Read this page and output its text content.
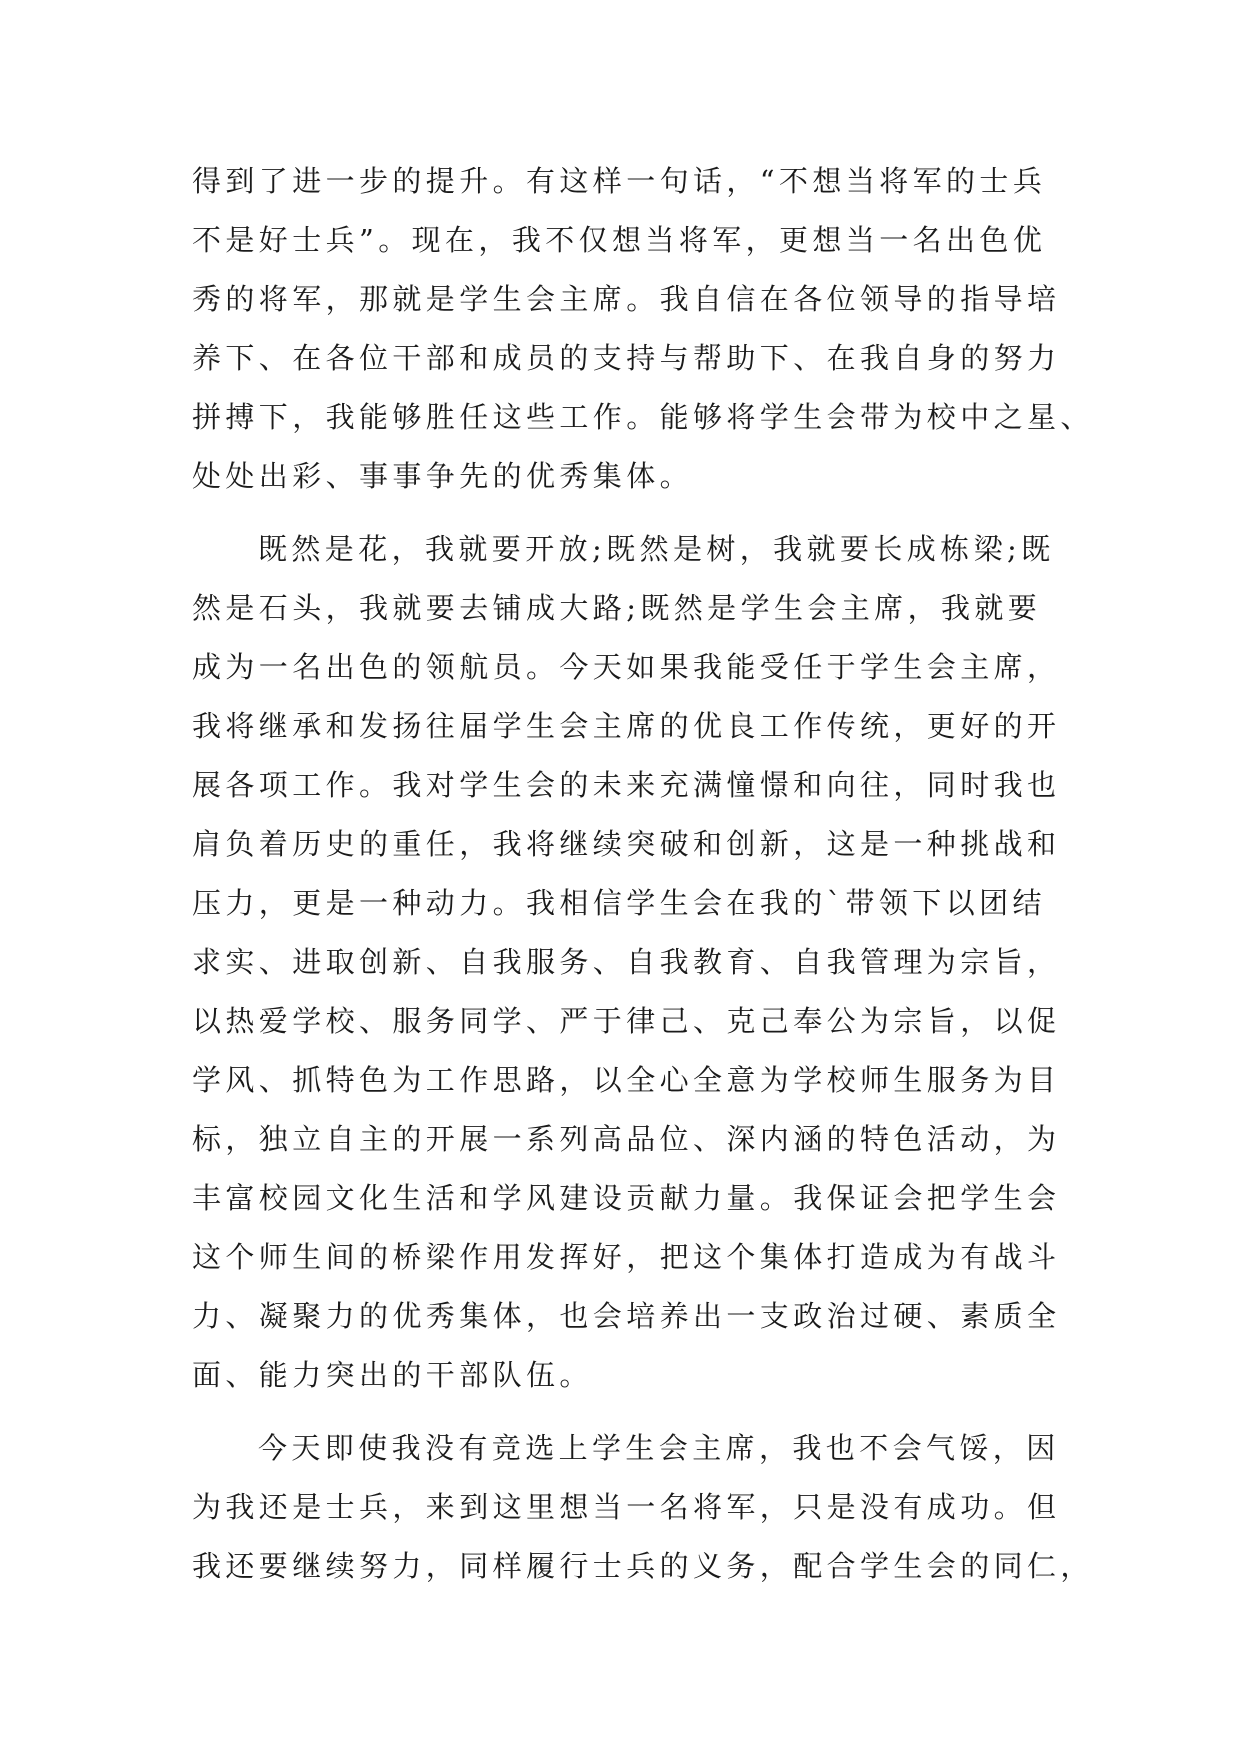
得到了进一步的提升。有这样一句话，“不想当将军的士兵
不是好士兵”。现在，我不仅想当将军，更想当一名出色优
秀的将军，那就是学生会主席。我自信在各位领导的指导培
养下、在各位干部和成员的支持与帮助下、在我自身的努力
拼搏下，我能够胜任这些工作。能够将学生会带为校中之星、
处处出彩、事事争先的优秀集体。
既然是花，我就要开放;既然是树，我就要长成栋梁;既
然是石头，我就要去铺成大路;既然是学生会主席，我就要
成为一名出色的领航员。今天如果我能受任于学生会主席，
我将继承和发扬往届学生会主席的优良工作传统，更好的开
展各项工作。我对学生会的未来充满憧憬和向往，同时我也
肩负着历史的重任，我将继续突破和创新，这是一种挑战和
压力，更是一种动力。我相信学生会在我的`带领下以团结
求实、进取创新、自我服务、自我教育、自我管理为宗旨，
以热爱学校、服务同学、严于律己、克己奉公为宗旨，以促
学风、抓特色为工作思路，以全心全意为学校师生服务为目
标，独立自主的开展一系列高品位、深内涵的特色活动，为
丰富校园文化生活和学风建设贡献力量。我保证会把学生会
这个师生间的桥梁作用发挥好，把这个集体打造成为有战斗
力、凝聚力的优秀集体，也会培养出一支政治过硬、素质全
面、能力突出的干部队伍。
今天即使我没有竞选上学生会主席，我也不会气馁，因
为我还是士兵，来到这里想当一名将军，只是没有成功。但
我还要继续努力，同样履行士兵的义务，配合学生会的同仁，
